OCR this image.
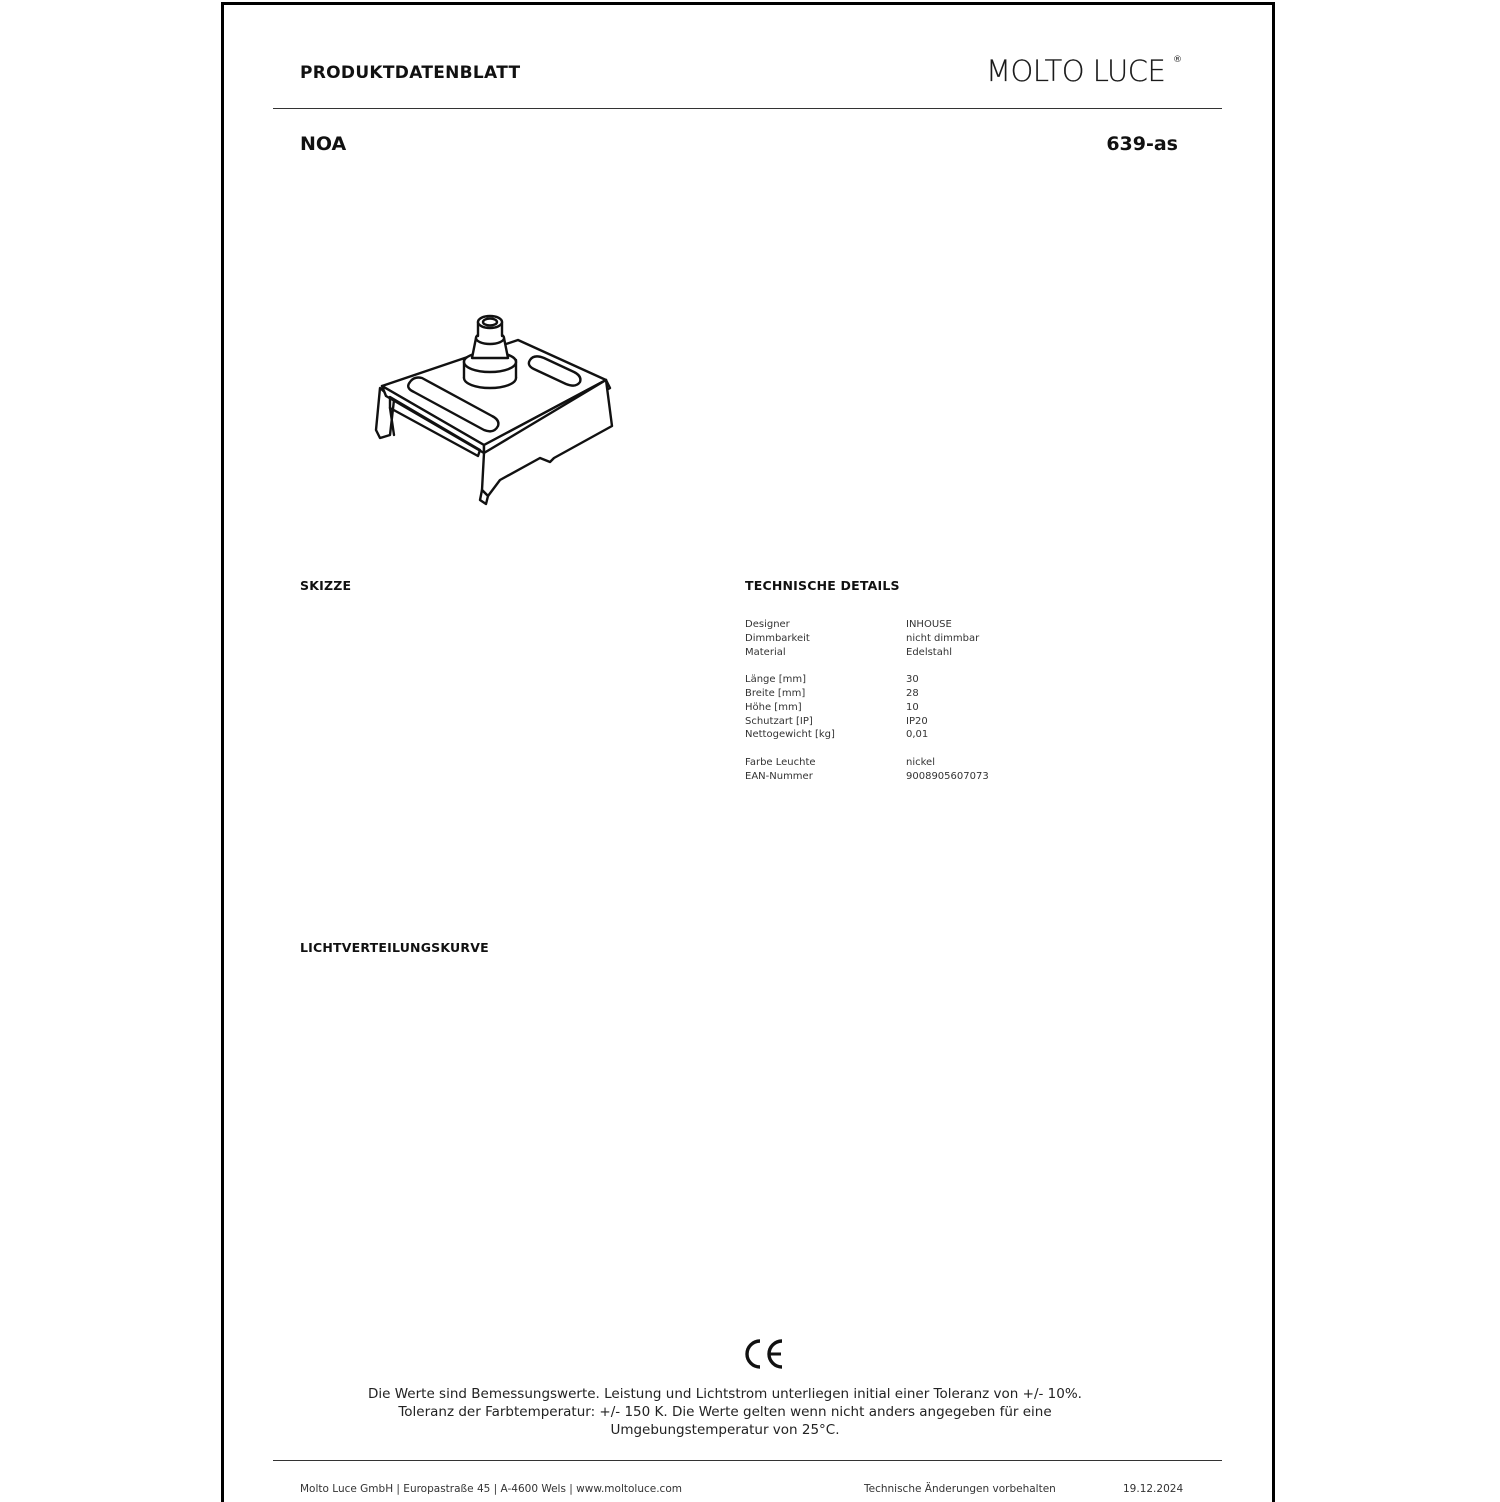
PRODUKTDATENBLATT	MOLTO LUCE ®
NOA	639-as
SKIZZE	TECHNISCHE DETAILS
Designer	INHOUSE
Dimmbarkeit	nicht dimmbar
Material	Edelstahl
Länge [mm]	30
Breite [mm]	28
Höhe [mm]	10
Schutzart [IP]	IP20
Nettogewicht [kg]	0,01
Farbe Leuchte	nickel
EAN-Nummer	9008905607073
LICHTVERTEILUNGSKURVE
Die Werte sind Bemessungswerte. Leistung und Lichtstrom unterliegen initial einer Toleranz von +/- 10%.
Toleranz der Farbtemperatur: +/- 150 K. Die Werte gelten wenn nicht anders angegeben für eine
Umgebungstemperatur von 25°C.
Molto Luce GmbH | Europastraße 45 | A-4600 Wels | www.moltoluce.com	Technische Änderungen vorbehalten	19.12.2024
